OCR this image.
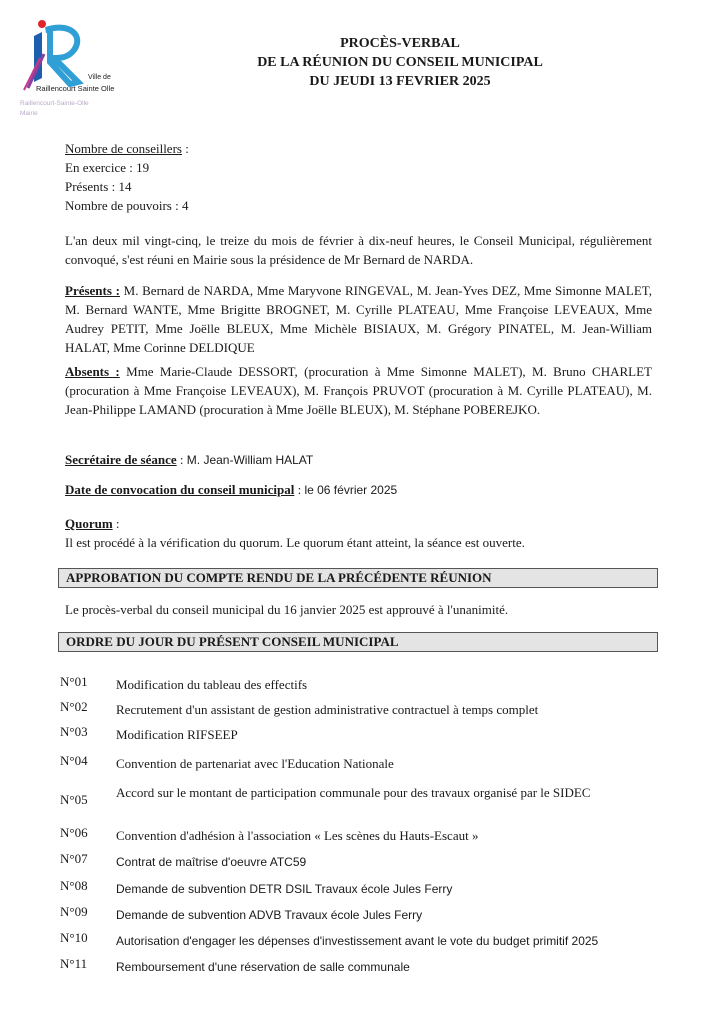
Ville de
Raillencourt Sainte Olle
Raillencourt-Sainte-Olle
Mairie
PROCÈS-VERBAL
DE LA RÉUNION DU CONSEIL MUNICIPAL
DU JEUDI 13 FEVRIER 2025
Nombre de conseillers :
En exercice : 19
Présents : 14
Nombre de pouvoirs : 4
L'an deux mil vingt-cinq, le treize du mois de février à dix-neuf heures, le Conseil Municipal, régulièrement convoqué, s'est réuni en Mairie sous la présidence de Mr Bernard de NARDA.
Présents : M. Bernard de NARDA, Mme Maryvone RINGEVAL, M. Jean-Yves DEZ, Mme Simonne MALET, M. Bernard WANTE, Mme Brigitte BROGNET, M. Cyrille PLATEAU, Mme Françoise LEVEAUX, Mme Audrey PETIT, Mme Joëlle BLEUX, Mme Michèle BISIAUX, M. Grégory PINATEL, M. Jean-William HALAT, Mme Corinne DELDIQUE
Absents : Mme Marie-Claude DESSORT, (procuration à Mme Simonne MALET), M. Bruno CHARLET (procuration à Mme Françoise LEVEAUX), M. François PRUVOT (procuration à M. Cyrille PLATEAU), M. Jean-Philippe LAMAND (procuration à Mme Joëlle BLEUX), M. Stéphane POBEREJKO.
Secrétaire de séance : M. Jean-William HALAT
Date de convocation du conseil municipal : le 06 février 2025
Quorum :
Il est procédé à la vérification du quorum. Le quorum étant atteint, la séance est ouverte.
APPROBATION DU COMPTE RENDU DE LA PRÉCÉDENTE RÉUNION
Le procès-verbal du conseil municipal du 16 janvier 2025 est approuvé à l'unanimité.
ORDRE DU JOUR DU PRÉSENT CONSEIL MUNICIPAL
N°01 Modification du tableau des effectifs
N°02 Recrutement d'un assistant de gestion administrative contractuel à temps complet
N°03 Modification RIFSEEP
N°04 Convention de partenariat avec l'Education Nationale
N°05 Accord sur le montant de participation communale pour des travaux organisé par le SIDEC
N°06 Convention d'adhésion à l'association « Les scènes du Hauts-Escaut »
N°07 Contrat de maîtrise d'oeuvre ATC59
N°08 Demande de subvention DETR DSIL Travaux école Jules Ferry
N°09 Demande de subvention ADVB Travaux école Jules Ferry
N°10 Autorisation d'engager les dépenses d'investissement avant le vote du budget primitif 2025
N°11 Remboursement d'une réservation de salle communale
